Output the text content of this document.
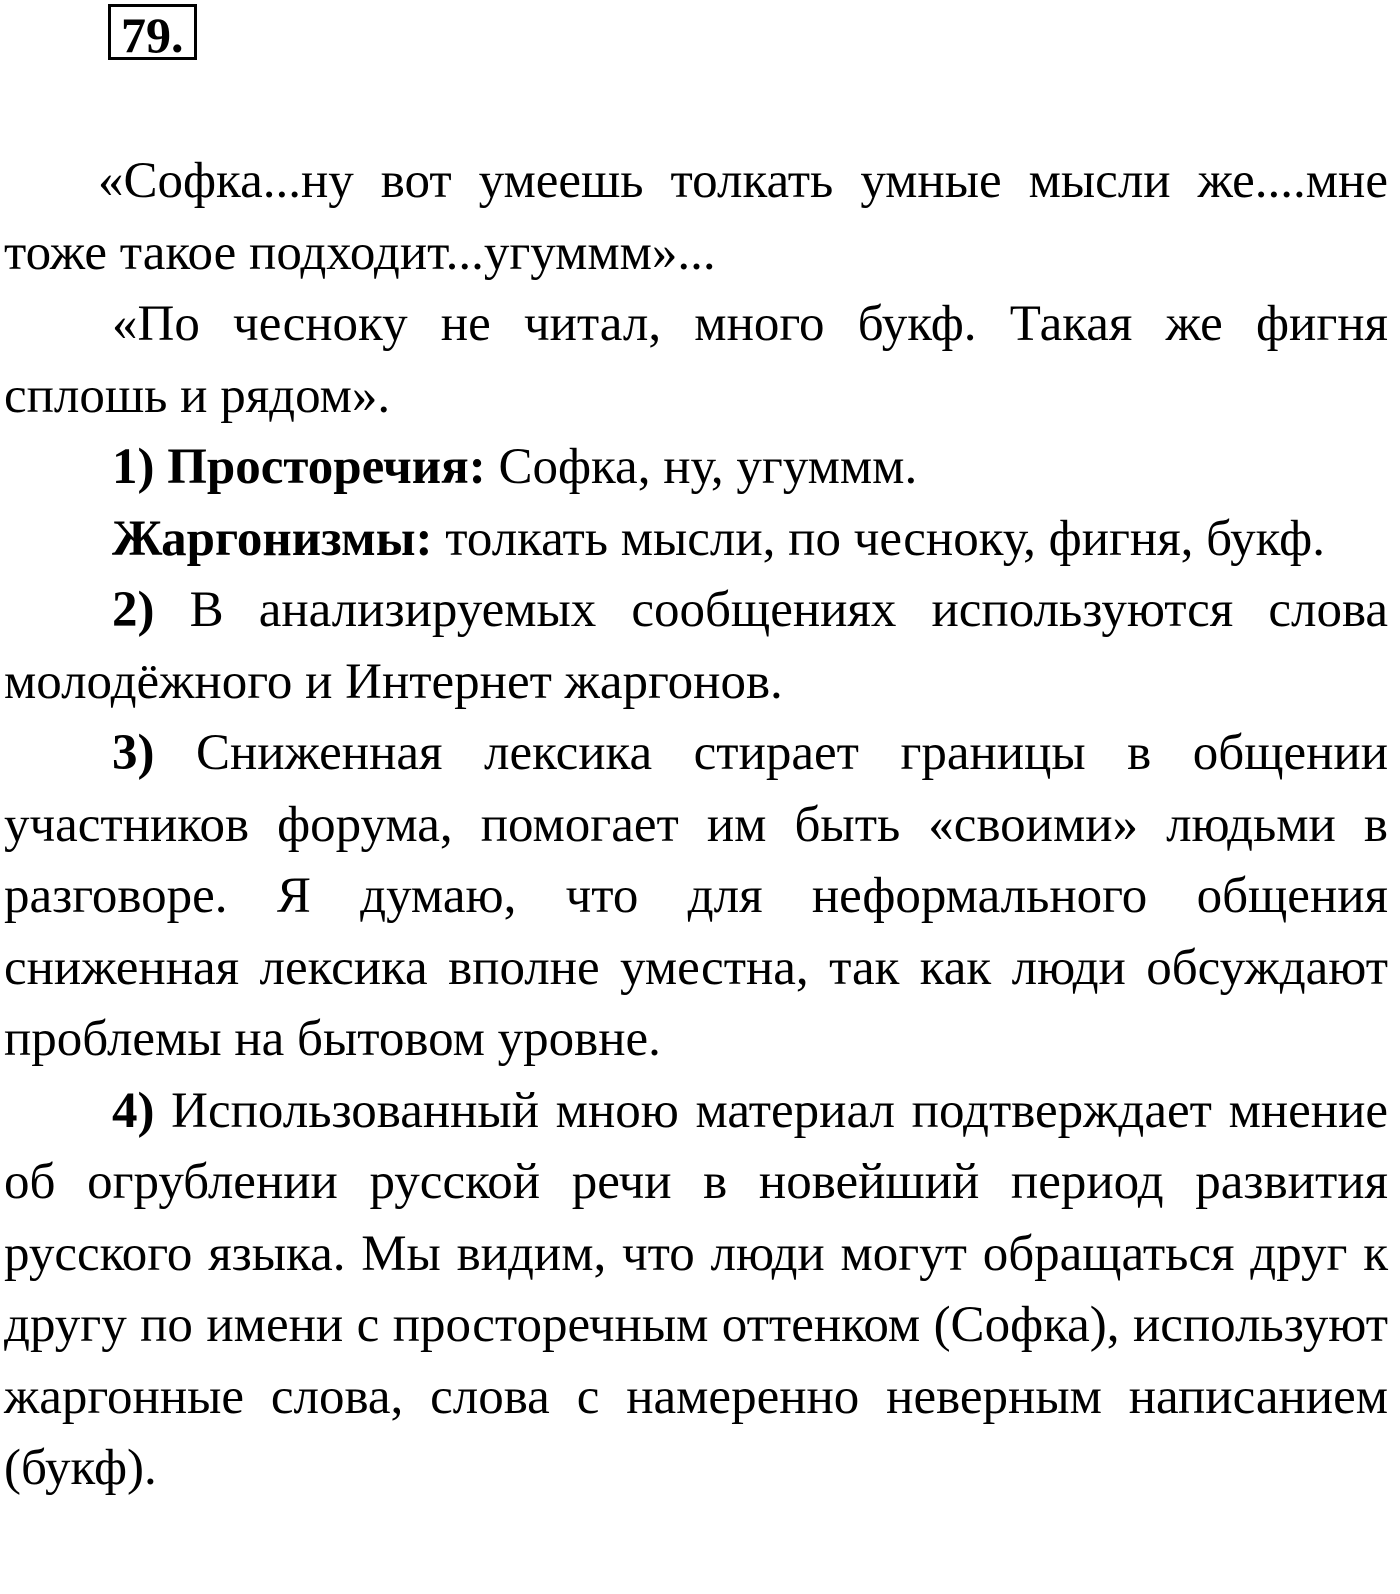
79.

«Софка...ну вот умеешь толкать умные мысли же....мне тоже такое подходит...угуммм»...

«По чесноку не читал, много букф. Такая же фигня сплошь и рядом».

1) Просторечия: Софка, ну, угуммм.

Жаргонизмы: толкать мысли, по чесноку, фигня, букф.

2) В анализируемых сообщениях используются слова молодёжного и Интернет жаргонов.

3) Сниженная лексика стирает границы в общении участников форума, помогает им быть «своими» людьми в разговоре. Я думаю, что для неформального общения сниженная лексика вполне уместна, так как люди обсуждают проблемы на бытовом уровне.

4) Использованный мною материал подтверждает мнение об огрублении русской речи в новейший период развития русского языка. Мы видим, что люди могут обращаться друг к другу по имени с просторечным оттенком (Софка), используют жаргонные слова, слова с намеренно неверным написанием (букф).
